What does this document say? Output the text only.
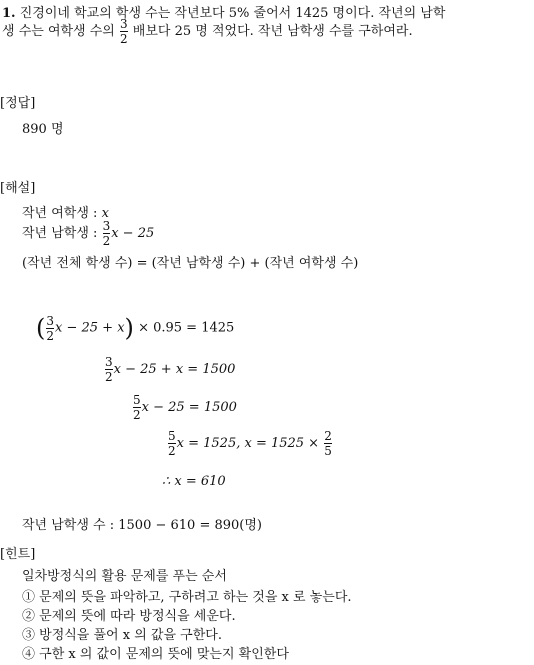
1. 진경이네 학교의 학생 수는 작년보다 5% 줄어서 1425 명이다. 작년의 남학
생 수는 여학생 수의 $\frac{3}{2}$ 배보다 25 명 적었다. 작년 남학생 수를 구하여라.
[정답]
890 명
[해설]
작년 여학생 : x
작년 남학생 : $\frac{3}{2}$ x − 25
(작년 전체 학생 수) = (작년 남학생 수) + (작년 여학생 수)
( $\frac{3}{2}$ x − 25 + x) × 0.95 = 1425
$\frac{3}{2}$ x − 25 + x = 1500
$\frac{5}{2}$ x − 25 = 1500
$\frac{5}{2}$ x = 1525, $x = 1525 \times \frac{2}{5}$
∴ x = 610
작년 남학생 수 : 1500 − 610 = 890(명)
[힌트]
일차방정식의 활용 문제를 푸는 순서
① 문제의 뜻을 파악하고, 구하려고 하는 것을 x 로 놓는다.
② 문제의 뜻에 따라 방정식을 세운다.
③ 방정식을 풀어 x 의 값을 구한다.
④ 구한 x 의 값이 문제의 뜻에 맞는지 확인한다
